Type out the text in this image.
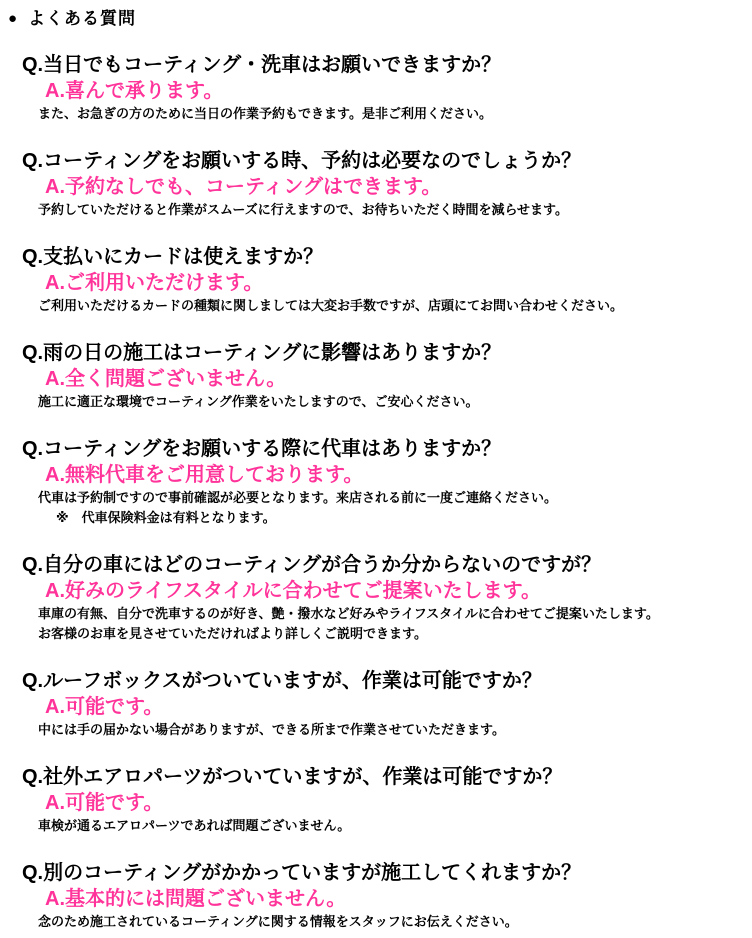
● よくある質問
Q.当日でもコーティング・洗車はお願いできますか？
A.喜んで承ります。
また、お急ぎの方のために当日の作業予約もできます。是非ご利用ください。
Q.コーティングをお願いする時、予約は必要なのでしょうか？
A.予約なしでも、コーティングはできます。
予約していただけると作業がスムーズに行えますので、お待ちいただく時間を減らせます。
Q.支払いにカードは使えますか？
A.ご利用いただけます。
ご利用いただけるカードの種類に関しましては大変お手数ですが、店頭にてお問い合わせください。
Q.雨の日の施工はコーティングに影響はありますか？
A.全く問題ございません。
施工に適正な環境でコーティング作業をいたしますので、ご安心ください。
Q.コーティングをお願いする際に代車はありますか？
A.無料代車をご用意しております。
代車は予約制ですので事前確認が必要となります。来店される前に一度ご連絡ください。
※　代車保険料金は有料となります。
Q.自分の車にはどのコーティングが合うか分からないのですが？
A.好みのライフスタイルに合わせてご提案いたします。
車庫の有無、自分で洗車するのが好き、艶・撥水など好みやライフスタイルに合わせてご提案いたします。
お客様のお車を見させていただければより詳しくご説明できます。
Q.ルーフボックスがついていますが、作業は可能ですか？
A.可能です。
中には手の届かない場合がありますが、できる所まで作業させていただきます。
Q.社外エアロパーツがついていますが、作業は可能ですか？
A.可能です。
車検が通るエアロパーツであれば問題ございません。
Q.別のコーティングがかかっていますが施工してくれますか？
A.基本的には問題ございません。
念のため施工されているコーティングに関する情報をスタッフにお伝えください。
